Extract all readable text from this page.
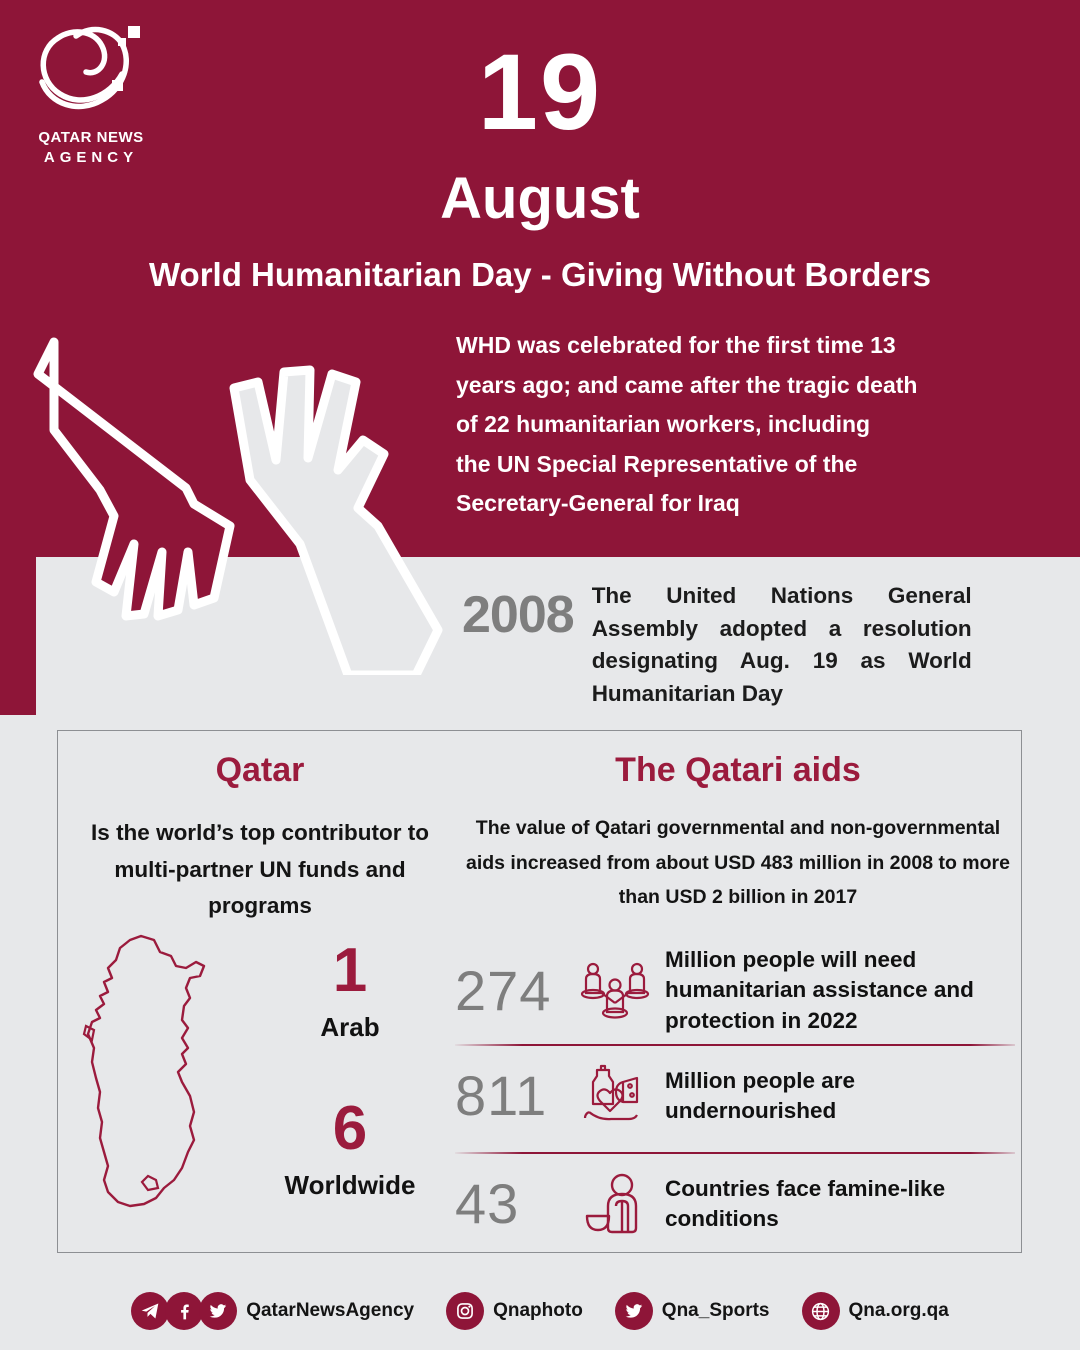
QATAR NEWS
AGENCY
19
August
World Humanitarian Day - Giving Without Borders
WHD was celebrated for the first time 13
years ago; and came after the tragic death
of 22 humanitarian workers, including
the UN Special Representative of the
Secretary-General for Iraq
2008 The United Nations General Assembly adopted a resolution designating Aug. 19 as World Humanitarian Day
Qatar
Is the world’s top contributor to multi-partner UN funds and programs
1
Arab
6
Worldwide
The Qatari aids
The value of Qatari governmental and non-governmental aids increased from about USD 483 million in 2008 to more than USD 2 billion in 2017
274	Million people will need humanitarian assistance and protection in 2022
811	Million people are undernourished
43	Countries face famine-like conditions
QatarNewsAgency	Qnaphoto	Qna_Sports	Qna.org.qa
